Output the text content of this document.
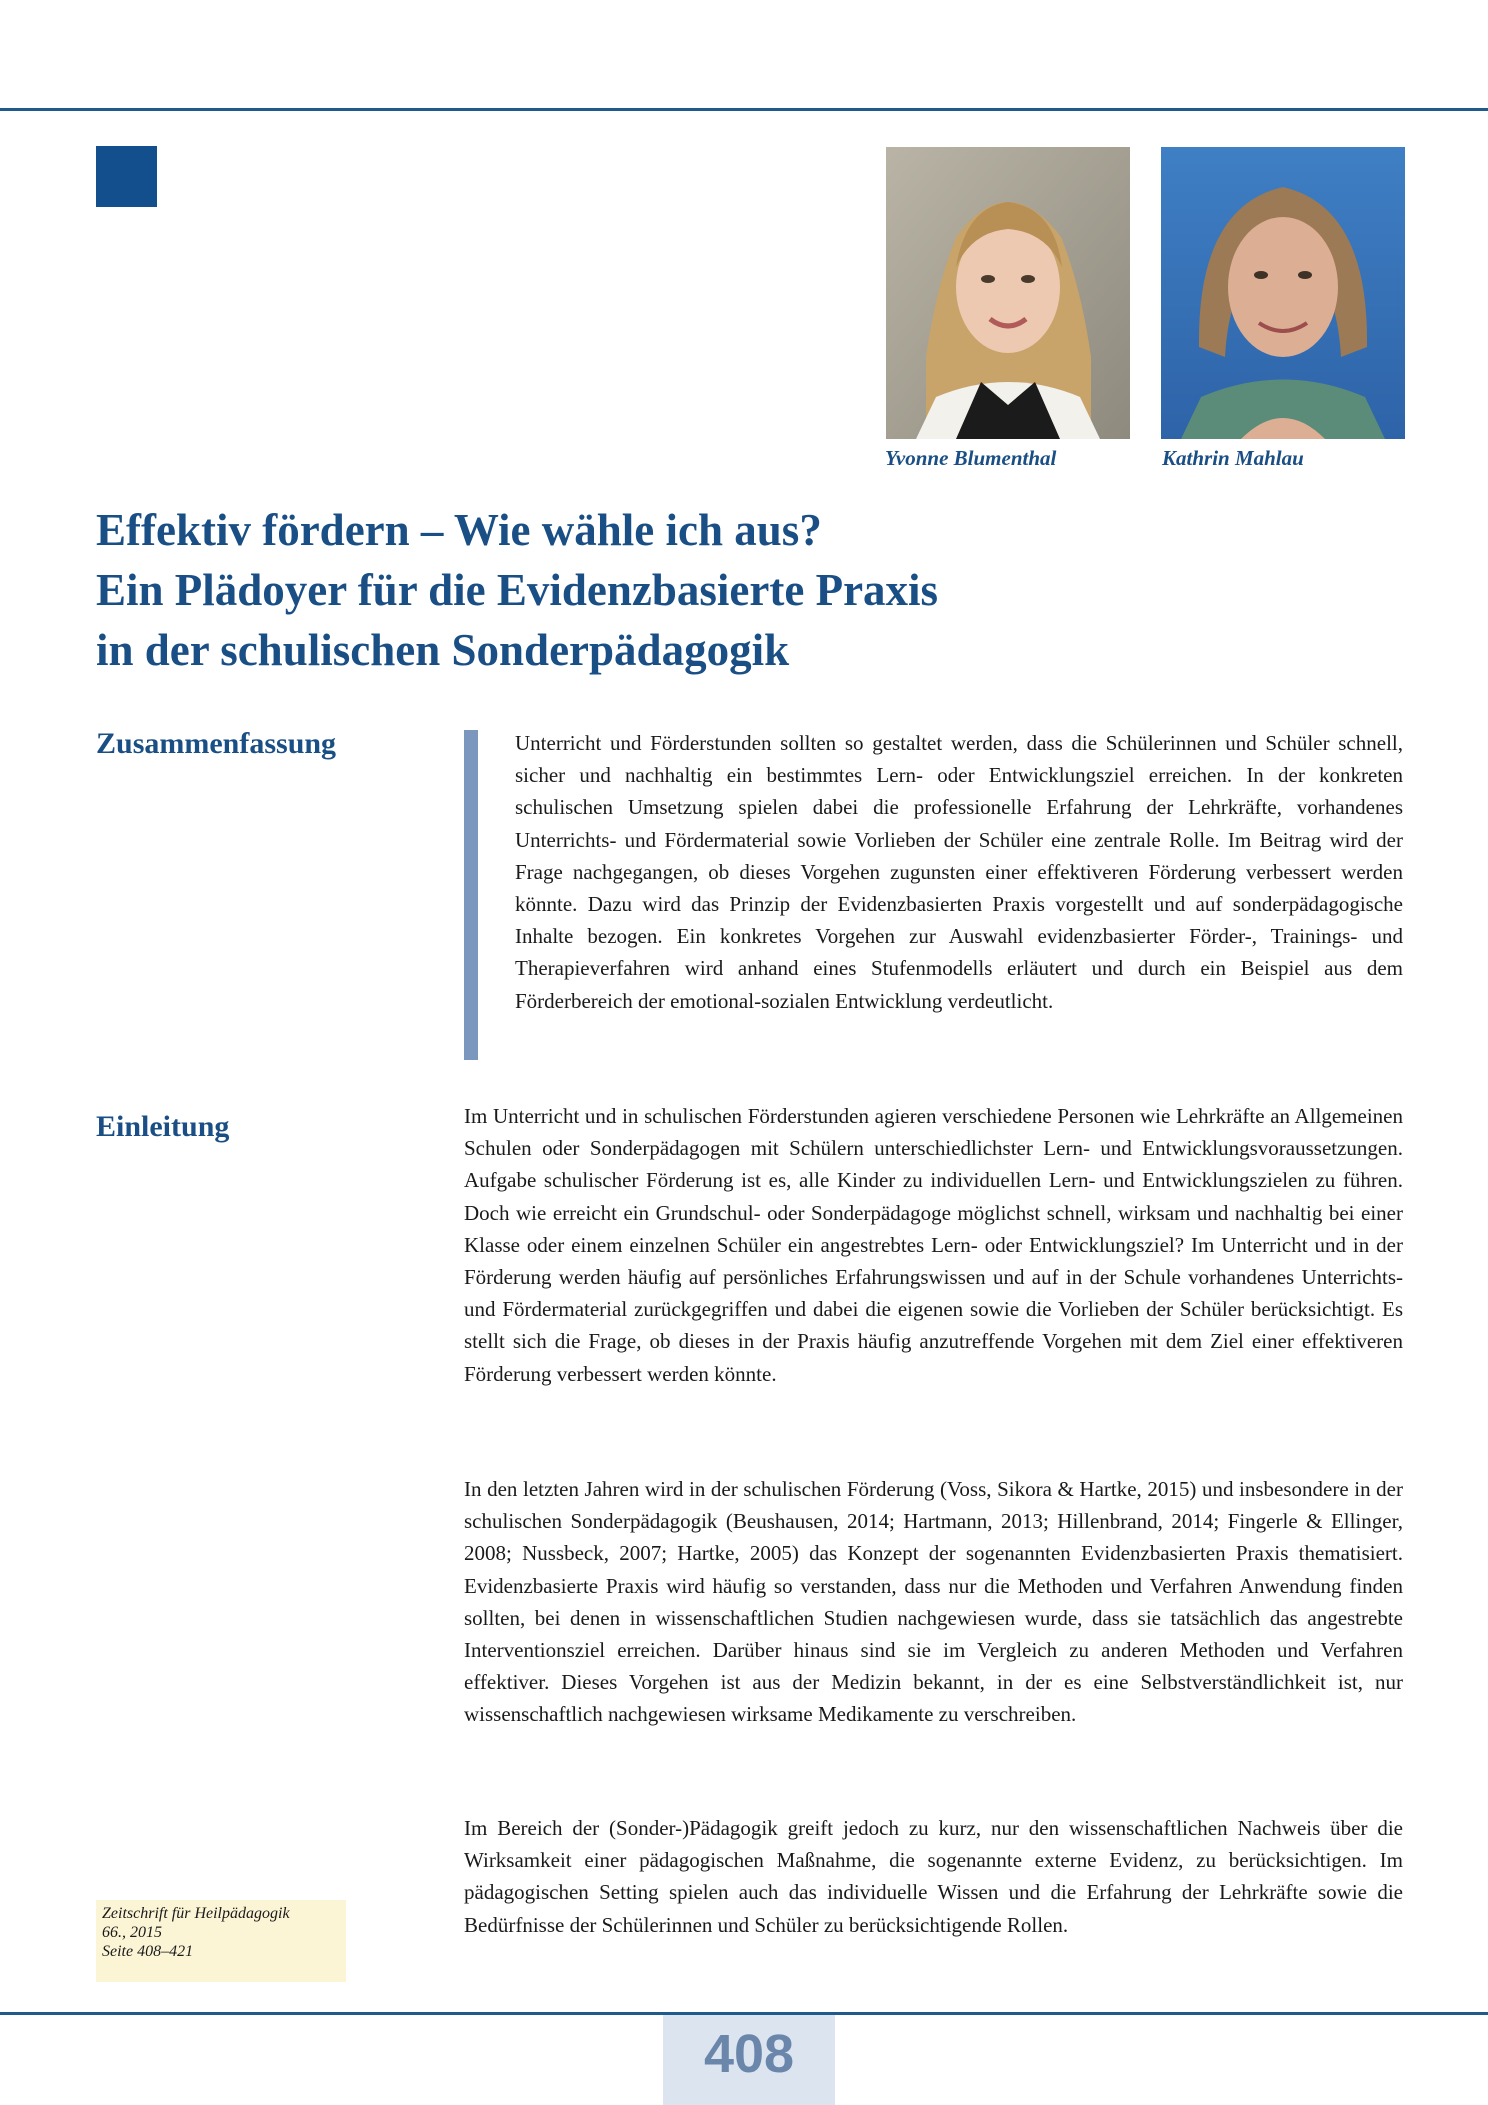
Yvonne Blumenthal	Kathrin Mahlau
Effektiv fördern – Wie wähle ich aus?
Ein Plädoyer für die Evidenzbasierte Praxis
in der schulischen Sonderpädagogik
Zusammenfassung	Unterricht und Förderstunden sollten so gestaltet werden, dass die Schülerinnen und Schüler schnell, sicher und nachhaltig ein bestimmtes Lern- oder Entwicklungsziel erreichen. In der konkreten schulischen Umsetzung spielen dabei die professionelle Erfahrung der Lehrkräfte, vorhandenes Unterrichts- und Fördermaterial sowie Vorlieben der Schüler eine zentrale Rolle. Im Beitrag wird der Frage nachgegangen, ob dieses Vorgehen zugunsten einer effektiveren Förderung verbessert werden könnte. Dazu wird das Prinzip der Evidenzbasierten Praxis vorgestellt und auf sonderpädagogische Inhalte bezogen. Ein konkretes Vorgehen zur Auswahl evidenzbasierter Förder-, Trainings- und Therapieverfahren wird anhand eines Stufenmodells erläutert und durch ein Beispiel aus dem Förderbereich der emotional-sozialen Entwicklung verdeutlicht.

Einleitung	Im Unterricht und in schulischen Förderstunden agieren verschiedene Personen wie Lehrkräfte an Allgemeinen Schulen oder Sonderpädagogen mit Schülern unterschiedlichster Lern- und Entwicklungsvoraussetzungen. Aufgabe schulischer Förderung ist es, alle Kinder zu individuellen Lern- und Entwicklungszielen zu führen. Doch wie erreicht ein Grundschul- oder Sonderpädagoge möglichst schnell, wirksam und nachhaltig bei einer Klasse oder einem einzelnen Schüler ein angestrebtes Lern- oder Entwicklungsziel? Im Unterricht und in der Förderung werden häufig auf persönliches Erfahrungswissen und auf in der Schule vorhandenes Unterrichts- und Fördermaterial zurückgegriffen und dabei die eigenen sowie die Vorlieben der Schüler berücksichtigt. Es stellt sich die Frage, ob dieses in der Praxis häufig anzutreffende Vorgehen mit dem Ziel einer effektiveren Förderung verbessert werden könnte.

In den letzten Jahren wird in der schulischen Förderung (Voss, Sikora & Hartke, 2015) und insbesondere in der schulischen Sonderpädagogik (Beushausen, 2014; Hartmann, 2013; Hillenbrand, 2014; Fingerle & Ellinger, 2008; Nussbeck, 2007; Hartke, 2005) das Konzept der sogenannten Evidenzbasierten Praxis thematisiert. Evidenzbasierte Praxis wird häufig so verstanden, dass nur die Methoden und Verfahren Anwendung finden sollten, bei denen in wissenschaftlichen Studien nachgewiesen wurde, dass sie tatsächlich das angestrebte Interventionsziel erreichen. Darüber hinaus sind sie im Vergleich zu anderen Methoden und Verfahren effektiver. Dieses Vorgehen ist aus der Medizin bekannt, in der es eine Selbstverständlichkeit ist, nur wissenschaftlich nachgewiesen wirksame Medikamente zu verschreiben.

Im Bereich der (Sonder-)Pädagogik greift jedoch zu kurz, nur den wissenschaftlichen Nachweis über die Wirksamkeit einer pädagogischen Maßnahme, die sogenannte externe Evidenz, zu berücksichtigen. Im pädagogischen Setting spielen auch das individuelle Wissen und die Erfahrung der Lehrkräfte sowie die Bedürfnisse der Schülerinnen und Schüler zu berücksichtigende Rollen.

Zeitschrift für Heilpädagogik
66., 2015
Seite 408–421
408
